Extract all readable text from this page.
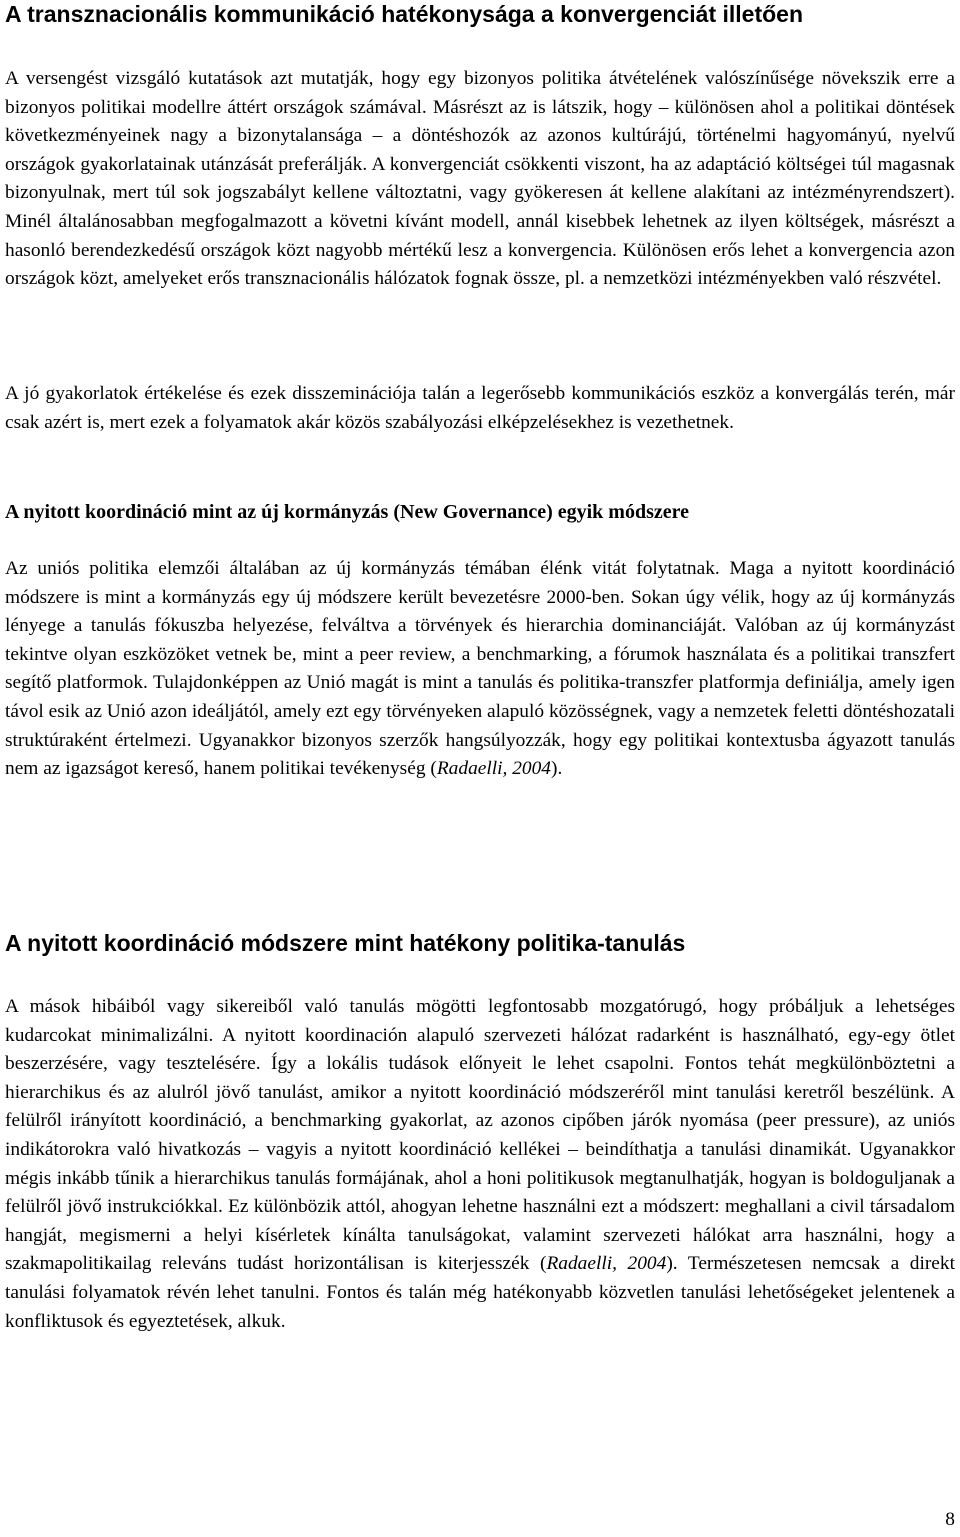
A transznacionális kommunikáció hatékonysága a konvergenciát illetően

A versengést vizsgáló kutatások azt mutatják, hogy egy bizonyos politika átvételének valószínűsége növekszik erre a bizonyos politikai modellre áttért országok számával. Másrészt az is látszik, hogy – különösen ahol a politikai döntések következményeinek nagy a bizonytalansága – a döntéshozók az azonos kultúrájú, történelmi hagyományú, nyelvű országok gyakorlatainak utánzását preferálják. A konvergenciát csökkenti viszont, ha az adaptáció költségei túl magasnak bizonyulnak, mert túl sok jogszabályt kellene változtatni, vagy gyökeresen át kellene alakítani az intézményrendszert). Minél általánosabban megfogalmazott a követni kívánt modell, annál kisebbek lehetnek az ilyen költségek, másrészt a hasonló berendezkedésű országok közt nagyobb mértékű lesz a konvergencia. Különösen erős lehet a konvergencia azon országok közt, amelyeket erős transznacionális hálózatok fognak össze, pl. a nemzetközi intézményekben való részvétel.

A jó gyakorlatok értékelése és ezek disszeminációja talán a legerősebb kommunikációs eszköz a konvergálás terén, már csak azért is, mert ezek a folyamatok akár közös szabályozási elképzelésekhez is vezethetnek.

A nyitott koordináció mint az új kormányzás (New Governance) egyik módszere

Az uniós politika elemzői általában az új kormányzás témában élénk vitát folytatnak. Maga a nyitott koordináció módszere is mint a kormányzás egy új módszere került bevezetésre 2000-ben. Sokan úgy vélik, hogy az új kormányzás lényege a tanulás fókuszba helyezése, felváltva a törvények és hierarchia dominanciáját. Valóban az új kormányzást tekintve olyan eszközöket vetnek be, mint a peer review, a benchmarking, a fórumok használata és a politikai transzfert segítő platformok. Tulajdonképpen az Unió magát is mint a tanulás és politika-transzfer platformja definiálja, amely igen távol esik az Unió azon ideáljától, amely ezt egy törvényeken alapuló közösségnek, vagy a nemzetek feletti döntéshozatali struktúraként értelmezi. Ugyanakkor bizonyos szerzők hangsúlyozzák, hogy egy politikai kontextusba ágyazott tanulás nem az igazságot kereső, hanem politikai tevékenység (Radaelli, 2004).

A nyitott koordináció módszere mint hatékony politika-tanulás

A mások hibáiból vagy sikereiből való tanulás mögötti legfontosabb mozgatórugó, hogy próbáljuk a lehetséges kudarcokat minimalizálni. A nyitott koordinación alapuló szervezeti hálózat radarként is használható, egy-egy ötlet beszerzésére, vagy tesztelésére. Így a lokális tudások előnyeit le lehet csapolni. Fontos tehát megkülönböztetni a hierarchikus és az alulról jövő tanulást, amikor a nyitott koordináció módszeréről mint tanulási keretről beszélünk. A felülről irányított koordináció, a benchmarking gyakorlat, az azonos cipőben járók nyomása (peer pressure), az uniós indikátorokra való hivatkozás – vagyis a nyitott koordináció kellékei – beindíthatja a tanulási dinamikát. Ugyanakkor mégis inkább tűnik a hierarchikus tanulás formájának, ahol a honi politikusok megtanulhatják, hogyan is boldoguljanak a felülről jövő instrukciókkal. Ez különbözik attól, ahogyan lehetne használni ezt a módszert: meghallani a civil társadalom hangját, megismerni a helyi kísérletek kínálta tanulságokat, valamint szervezeti hálókat arra használni, hogy a szakmapolitikailag releváns tudást horizontálisan is kiterjesszék (Radaelli, 2004). Természetesen nemcsak a direkt tanulási folyamatok révén lehet tanulni. Fontos és talán még hatékonyabb közvetlen tanulási lehetőségeket jelentenek a konfliktusok és egyeztetések, alkuk.

8
